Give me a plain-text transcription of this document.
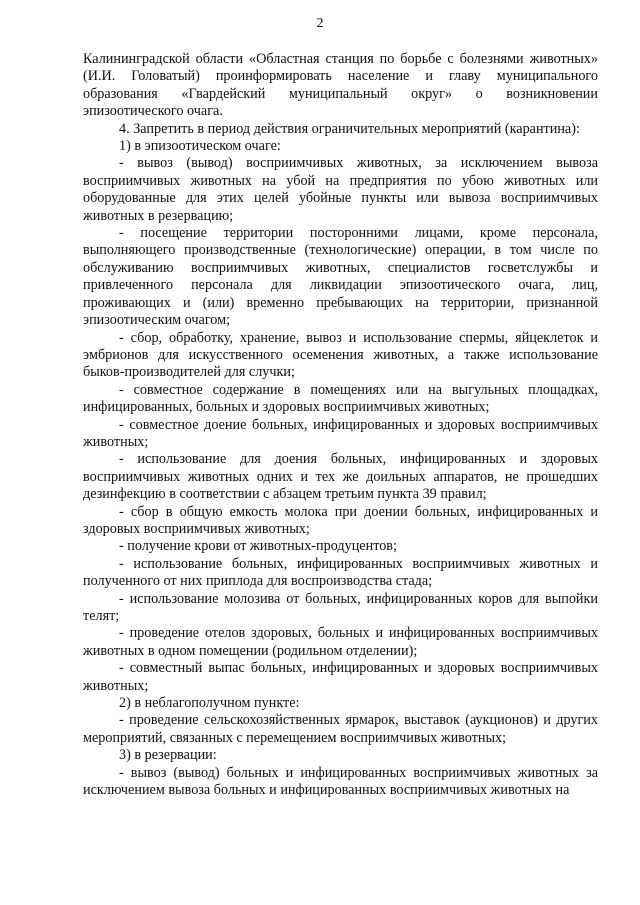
2

Калининградской области «Областная станция по борьбе с болезнями животных» (И.И. Головатый) проинформировать население и главу муниципального образования «Гвардейский муниципальный округ» о возникновении эпизоотического очага.

4. Запретить в период действия ограничительных мероприятий (карантина):

1) в эпизоотическом очаге:

- вывоз (вывод) восприимчивых животных, за исключением вывоза восприимчивых животных на убой на предприятия по убою животных или оборудованные для этих целей убойные пункты или вывоза восприимчивых животных в резервацию;

- посещение территории посторонними лицами, кроме персонала, выполняющего производственные (технологические) операции, в том числе по обслуживанию восприимчивых животных, специалистов госветслужбы и привлеченного персонала для ликвидации эпизоотического очага, лиц, проживающих и (или) временно пребывающих на территории, признанной эпизоотическим очагом;

- сбор, обработку, хранение, вывоз и использование спермы, яйцеклеток и эмбрионов для искусственного осеменения животных, а также использование быков-производителей для случки;

- совместное содержание в помещениях или на выгульных площадках, инфицированных, больных и здоровых восприимчивых животных;

- совместное доение больных, инфицированных и здоровых восприимчивых животных;

- использование для доения больных, инфицированных и здоровых восприимчивых животных одних и тех же доильных аппаратов, не прошедших дезинфекцию в соответствии с абзацем третьим пункта 39 правил;

- сбор в общую емкость молока при доении больных, инфицированных и здоровых восприимчивых животных;

- получение крови от животных-продуцентов;

- использование больных, инфицированных восприимчивых животных и полученного от них приплода для воспроизводства стада;

- использование молозива от больных, инфицированных коров для выпойки телят;

- проведение отелов здоровых, больных и инфицированных восприимчивых животных в одном помещении (родильном отделении);

- совместный выпас больных, инфицированных и здоровых восприимчивых животных;

2) в неблагополучном пункте:

- проведение сельскохозяйственных ярмарок, выставок (аукционов) и других мероприятий, связанных с перемещением восприимчивых животных;

3) в резервации:

- вывоз (вывод) больных и инфицированных восприимчивых животных за исключением вывоза больных и инфицированных восприимчивых животных на
